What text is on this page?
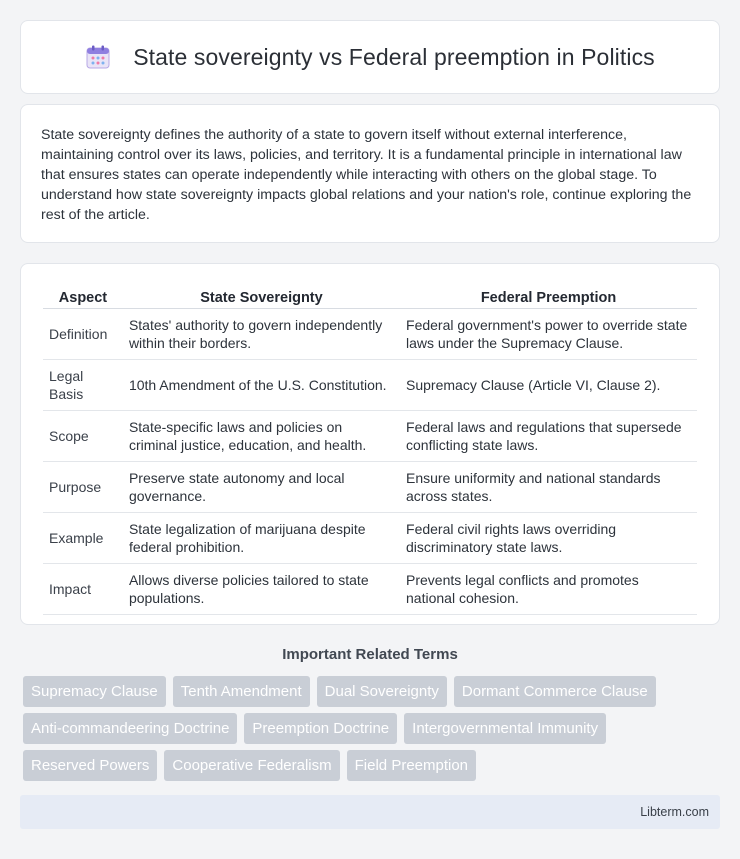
State sovereignty vs Federal preemption in Politics

State sovereignty defines the authority of a state to govern itself without external interference, maintaining control over its laws, policies, and territory. It is a fundamental principle in international law that ensures states can operate independently while interacting with others on the global stage. To understand how state sovereignty impacts global relations and your nation's role, continue exploring the rest of the article.

Aspect	State Sovereignty	Federal Preemption
Definition	States' authority to govern independently within their borders.	Federal government's power to override state laws under the Supremacy Clause.
Legal Basis	10th Amendment of the U.S. Constitution.	Supremacy Clause (Article VI, Clause 2).
Scope	State-specific laws and policies on criminal justice, education, and health.	Federal laws and regulations that supersede conflicting state laws.
Purpose	Preserve state autonomy and local governance.	Ensure uniformity and national standards across states.
Example	State legalization of marijuana despite federal prohibition.	Federal civil rights laws overriding discriminatory state laws.
Impact	Allows diverse policies tailored to state populations.	Prevents legal conflicts and promotes national cohesion.
Important Related Terms
Supremacy Clause	Tenth Amendment	Dual Sovereignty	Dormant Commerce Clause
Anti-commandeering Doctrine	Preemption Doctrine	Intergovernmental Immunity
Reserved Powers	Cooperative Federalism	Field Preemption
Libterm.com
